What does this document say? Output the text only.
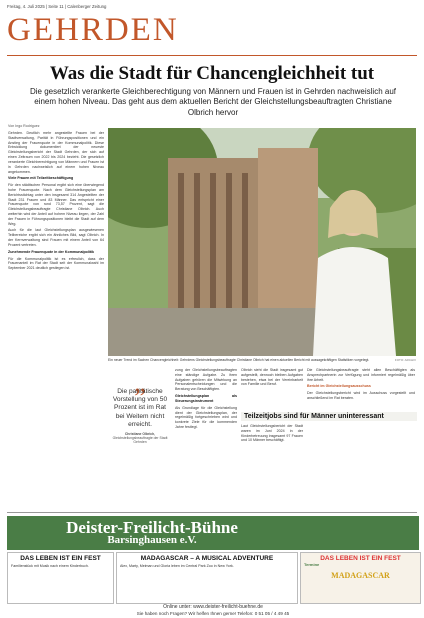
Freitag, 4. Juli 2025 | Seite 11 | Calenberger Zeitung
GEHRDEN
Was die Stadt für Chancengleichheit tut
Die gesetzlich verankerte Gleichberechtigung von Männern und Frauen ist in Gehrden nachweislich auf einem hohen Niveau. Das geht aus dem aktuellen Bericht der Gleichstellungsbeauftragten Christiane Olbrich hervor
Von Ingo Rodriguez

Gehrden. Deutlich mehr angestellte Frauen bei der Stadtverwaltung, Parität in Führungspositionen und ein Anstieg der Frauenquote in der Kommunalpolitik. Diese Entwicklung dokumentiert der neueste Gleichstellungsbericht der Stadt Gehrden, der sich auf einen Zeitraum von 2022 bis 2024 bezieht. Die gesetzlich verankerte Gleichberechtigung von Männern und Frauen ist in Gehrden nachweislich auf einem hohen Niveau angekommen.

Viele Frauen mit Teilzeitbeschäftigung

Für den städtischen Personal ergibt sich eine überwiegend hohe Frauenquote. Nach dem Gleichstellungsplan am Berichtsstichtag unter den insgesamt 314 Angestellten der Stadt 231 Frauen und 83 Männer. Das entspricht einer Frauenquote von rund 73,57 Prozent, sagt die Gleichstellungsbeauftragte Christiane Olbrich. Auch weiterhin wird der Anteil auf hohem Niveau liegen, der Zahl der Frauen in Führungspositionen bleibt die Stadt auf dem Weg.

Auch für die laut Gleichstellungsplan ausgewiesenen Teilbereiche ergibt sich ein ähnliches Bild, sagt Olbrich. In der Kernverwaltung sind Frauen mit einem Anteil von 64 Prozent vertreten.

Zunehmende Frauenquote in der Kommunalpolitik

Für die Kommunalpolitik ist es erfreulich, dass der Frauenanteil im Rat der Stadt seit der Kommunalwahl im September 2021 deutlich gestiegen ist.

Ein neuer Trend im Sachen Chancengleichheit: Gehrdens Gleichstellungsbeauftragte Christiane Olbrich hat einen aktuellen Bericht mit aussagekräftigen Statistiken vorgelegt.	FOTO: ARCHIV
„
Die paritätische Vorstellung von 50 Prozent ist im Rat bei Weitem nicht erreicht.
Christiane Olbrich,
Gleichstellungsbeauftragte der Stadt Gehrden

zung der Gleichstellungsbeauftragten eine ständige Aufgabe. Zu ihren Aufgaben gehören die Mitwirkung an Personalentscheidungen und die Beratung von Beschäftigten.

Gleichstellungsplan als Steuerungsinstrument

Als Grundlage für die Gleichstellung dient der Gleichstellungsplan, der regelmäßig fortgeschrieben wird und konkrete Ziele für die kommenden Jahre festlegt.

Olbrich sieht die Stadt insgesamt gut aufgestellt, dennoch bleiben Aufgaben bestehen, etwa bei der Vereinbarkeit von Familie und Beruf.

Die Gleichstellungsbeauftragte steht allen Beschäftigten als Ansprechpartnerin zur Verfügung und informiert regelmäßig über ihre Arbeit.

Bericht im Gleichstellungsausschuss

Der Gleichstellungsbericht wird im Ausschuss vorgestellt und anschließend im Rat beraten.

Teilzeitjobs sind für Männer uninteressant
Laut Gleichstellungsbericht der Stadt waren im Juni 2024 in der Kinderbetreuung insgesamt 97 Frauen und 10 Männer beschäftigt.
Deister-Freilicht-Bühne
Barsinghausen e.V.
DAS LEBEN IST EIN FEST
Familienstück mit Musik nach einem Kinderbuch.
MADAGASCAR – A MUSICAL ADVENTURE
Alex, Marty, Melman und Gloria leben im Central Park Zoo in New York.
DAS LEBEN IST EIN FEST
Termine
MADAGASCAR
Online unter: www.deister-freilicht-buehne.de
Sie haben noch Fragen? Wir helfen Ihnen gerne! Telefon: 0 51 05 / 4 49 45
